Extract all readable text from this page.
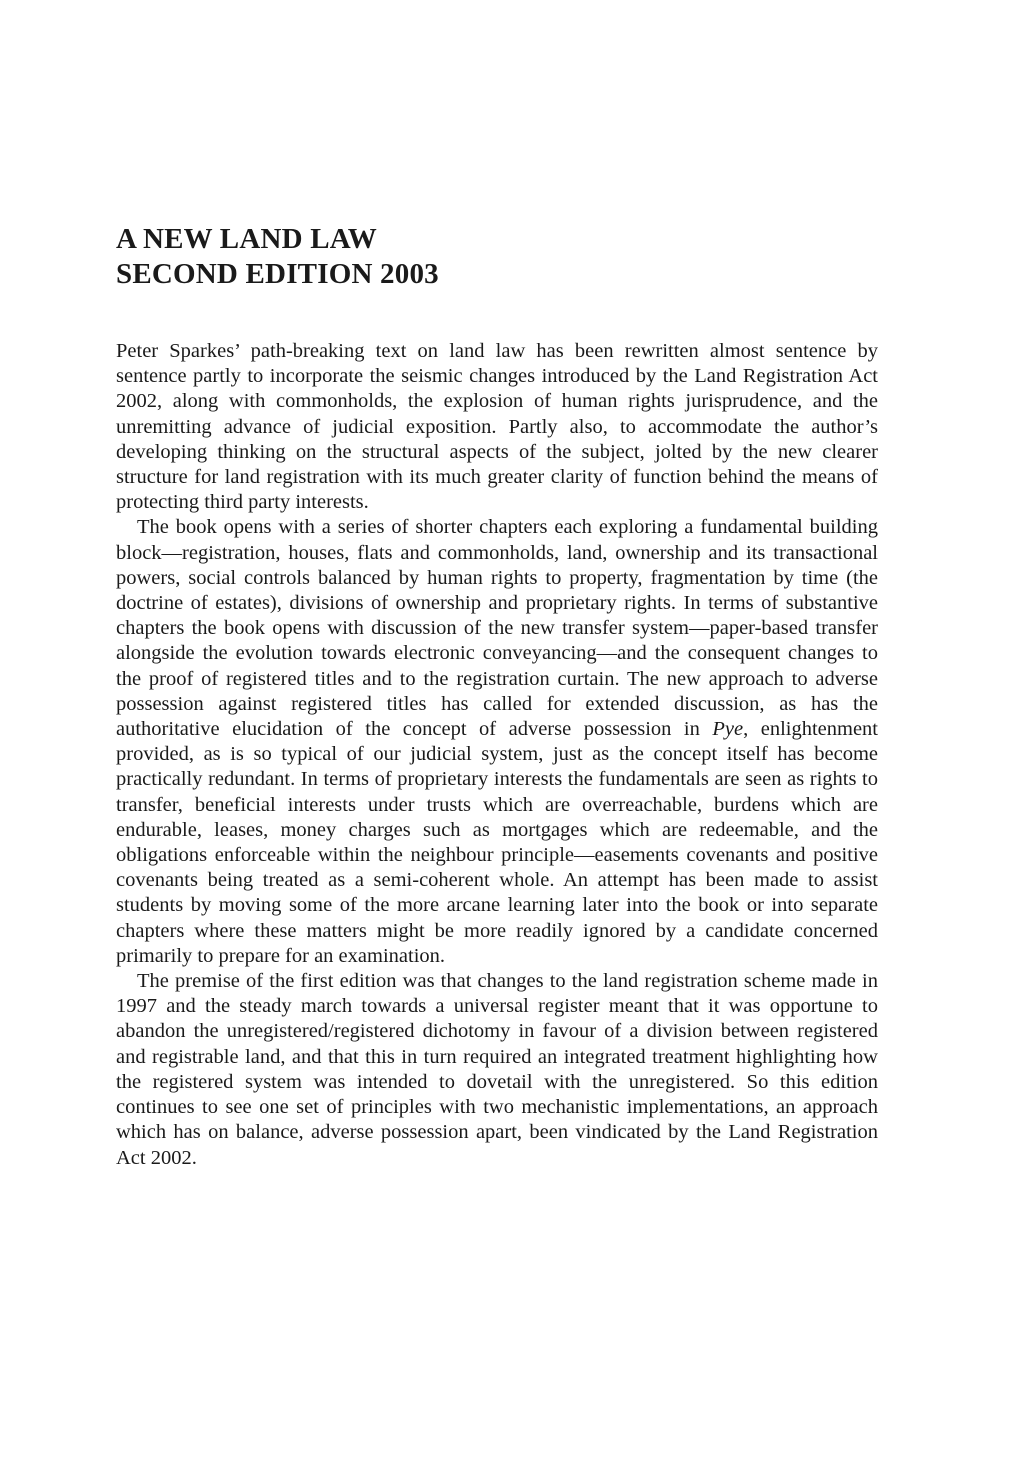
A NEW LAND LAW
SECOND EDITION 2003

Peter Sparkes’ path-breaking text on land law has been rewritten almost sentence by sentence partly to incorporate the seismic changes introduced by the Land Registration Act 2002, along with commonholds, the explosion of human rights jurisprudence, and the unremitting advance of judicial exposition. Partly also, to accommodate the author’s developing thinking on the structural aspects of the subject, jolted by the new clearer structure for land registration with its much greater clarity of function behind the means of protecting third party interests.

The book opens with a series of shorter chapters each exploring a fundamental building block—registration, houses, flats and commonholds, land, ownership and its transactional powers, social controls balanced by human rights to property, fragmentation by time (the doctrine of estates), divisions of ownership and proprietary rights. In terms of substantive chapters the book opens with discussion of the new transfer system—paper-based transfer alongside the evolution towards electronic conveyancing—and the consequent changes to the proof of registered titles and to the registration curtain. The new approach to adverse possession against registered titles has called for extended discussion, as has the authoritative elucidation of the concept of adverse possession in Pye, enlightenment provided, as is so typical of our judicial system, just as the concept itself has become practically redundant. In terms of proprietary interests the fundamentals are seen as rights to transfer, beneficial interests under trusts which are overreachable, burdens which are endurable, leases, money charges such as mortgages which are redeemable, and the obligations enforceable within the neighbour principle—easements covenants and positive covenants being treated as a semi-coherent whole. An attempt has been made to assist students by moving some of the more arcane learning later into the book or into separate chapters where these matters might be more readily ignored by a candidate concerned primarily to prepare for an examination.

The premise of the first edition was that changes to the land registration scheme made in 1997 and the steady march towards a universal register meant that it was opportune to abandon the unregistered/registered dichotomy in favour of a division between registered and registrable land, and that this in turn required an integrated treatment highlighting how the registered system was intended to dovetail with the unregistered. So this edition continues to see one set of principles with two mechanistic implementations, an approach which has on balance, adverse possession apart, been vindicated by the Land Registration Act 2002.
